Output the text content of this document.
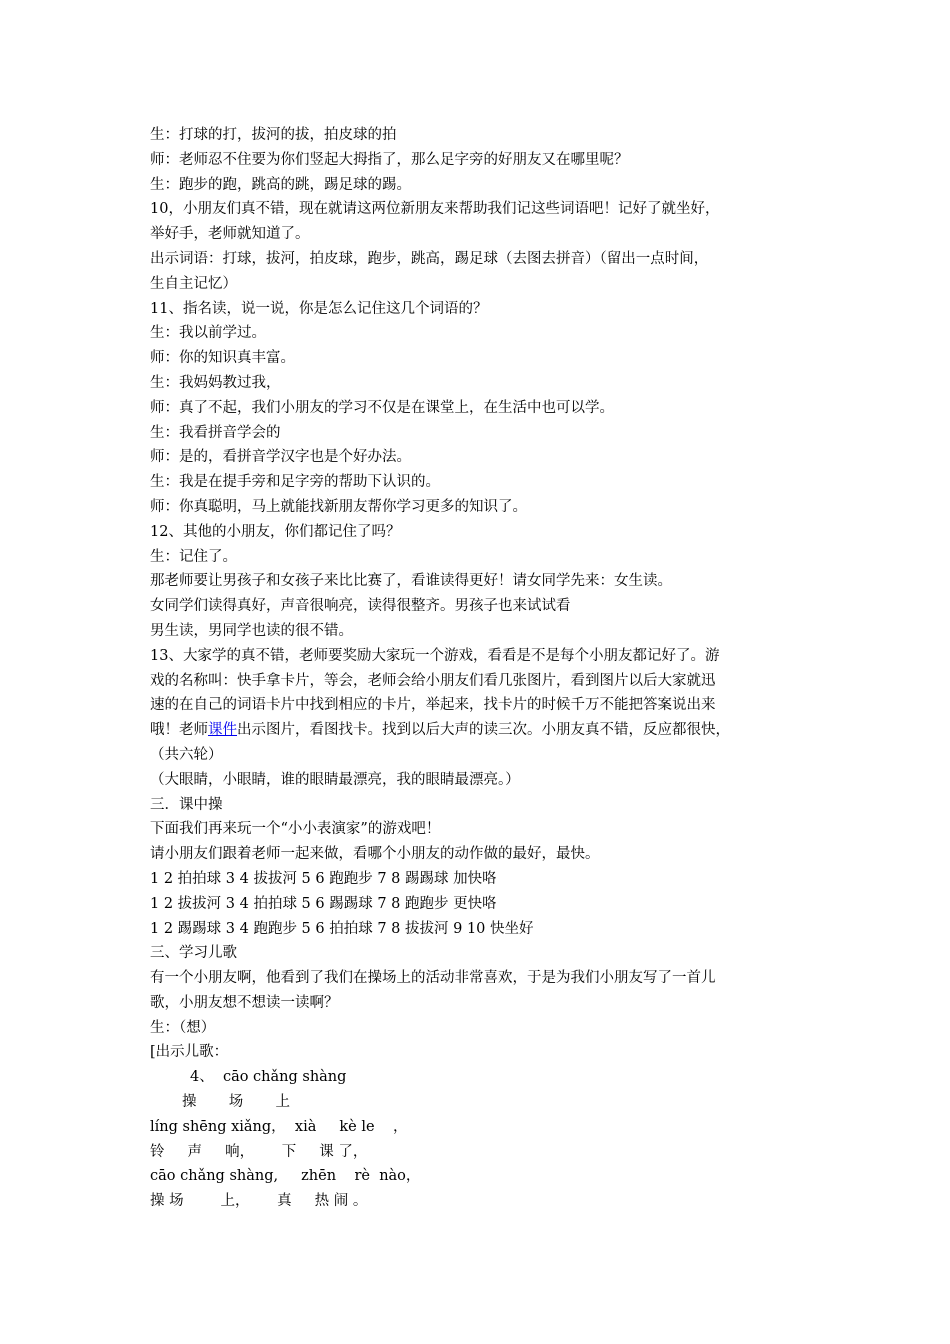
生：打球的打，拔河的拔，拍皮球的拍
师：老师忍不住要为你们竖起大拇指了，那么足字旁的好朋友又在哪里呢？
生：跑步的跑，跳高的跳，踢足球的踢。
10，小朋友们真不错，现在就请这两位新朋友来帮助我们记这些词语吧！记好了就坐好，
举好手，老师就知道了。
出示词语：打球，拔河，拍皮球，跑步，跳高，踢足球（去图去拼音）（留出一点时间，
生自主记忆）
11、指名读，说一说，你是怎么记住这几个词语的？
生：我以前学过。
师：你的知识真丰富。
生：我妈妈教过我，
师：真了不起，我们小朋友的学习不仅是在课堂上，在生活中也可以学。
生：我看拼音学会的
师：是的，看拼音学汉字也是个好办法。
生：我是在提手旁和足字旁的帮助下认识的。
师：你真聪明，马上就能找新朋友帮你学习更多的知识了。
12、其他的小朋友，你们都记住了吗？
生：记住了。
那老师要让男孩子和女孩子来比比赛了，看谁读得更好！请女同学先来：女生读。
女同学们读得真好，声音很响亮，读得很整齐。男孩子也来试试看
男生读，男同学也读的很不错。
13、大家学的真不错，老师要奖励大家玩一个游戏，看看是不是每个小朋友都记好了。游
戏的名称叫：快手拿卡片，等会，老师会给小朋友们看几张图片，看到图片以后大家就迅
速的在自己的词语卡片中找到相应的卡片，举起来，找卡片的时候千万不能把答案说出来
哦！老师课件出示图片，看图找卡。找到以后大声的读三次。小朋友真不错，反应都很快，
（共六轮）
（大眼睛，小眼睛，谁的眼睛最漂亮，我的眼睛最漂亮。）
三．课中操
下面我们再来玩一个“小小表演家”的游戏吧！
请小朋友们跟着老师一起来做，看哪个小朋友的动作做的最好，最快。
1 2 拍拍球 3 4 拔拔河 5 6 跑跑步 7 8 踢踢球 加快咯
1 2 拔拔河 3 4 拍拍球 5 6 踢踢球 7 8 跑跑步 更快咯
1 2 踢踢球 3 4 跑跑步 5 6 拍拍球 7 8 拔拔河 9 10 快坐好
三、学习儿歌
有一个小朋友啊，他看到了我们在操场上的活动非常喜欢，于是为我们小朋友写了一首儿
歌，小朋友想不想读一读啊？
生：（想）
[出示儿歌：
4、  cāo chǎng shàng
操       场       上
líng shēng xiǎng，  xià     kè le    ，
铃     声     响，      下     课 了，
cāo chǎng shàng,     zhēn    rè  nào，
操 场        上，      真     热 闹 。
